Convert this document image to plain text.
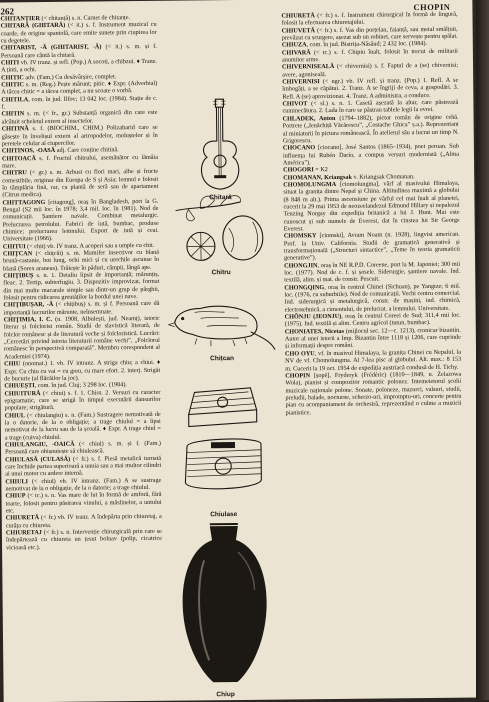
262	CHOPIN

CHITANȚIER (< chitanță) s. n. Carnet de chitanțe.

CHITARĂ (GHITARĂ) (< it.) s. f. Instrument muzical cu coarde, de origine spaniolă, care emite sunete prin ciupirea lor cu degetele.

CHITARIST, -Ă (GHITARIST, -Ă) (< it.) s. m. și f. Persoană care cântă la chitară.

CHITI vb. IV tranz. și refl. (Pop.) A socoti, a chibzui. ♦ Tranz. A ținti, a ochi.

CHITIC adv. (Fam.) Cu desăvârșire, complet.

CHITIC s. m. (Reg.) Pește mărunt; pitic. ♦ Expr. (Adverbial) A tăcea chitic = a tăcea complet, a nu scoate o vorbă.

CHITILA, com. în jud. Ilfov; 13 042 loc. (1984). Stație de c. f.

CHITIN s. m. (< fr., gr.) Substanță organică din care este alcătuit scheletul extern al insectelor.

CHITINĂ s. f. (BIOCHIM., CHIM.) Polizaharid care se găsește în învelișul extern al artropodelor, moluștelor și în peretele celular al ciupercilor.

CHITINOS, -OASĂ adj. Care conține chitină.

CHITOACĂ s. f. Fructul chitrului, asemănător cu lămâia mare.

CHITRU (< gr.) s. m. Arbust cu flori mari, albe și fructe comestibile, originar din Europa de S și Asia; lemnul e folosit în tâmplăria fină, rar, ca plantă de seră sau de apartament (Citrus medica).

CHITTAGONG [citagong], oraș în Bangladesh, port la G. Bengal (S2 mii loc. în 1978; 3,4 mil. loc. în 1981). Nod de comunicații. Șantiere navale. Combinat metalurgic. Prelucrarea petrolului. Fabrici de iută, bumbac, produse chimice; prelucrarea lemnului. Export de iută și ceai. Universitate (1966).

CHITUI (< chit) vb. IV tranz. A acoperi sau a umple cu chit.

CHIȚCAN (< chițcăi) s. m. Mamifer insectivor cu blană brună-castanie, bot lung, ochi mici și cu urechile ascunse în blană (Sorex araneus). Trăiește în păduri, câmpii, lângă ape.

CHIȚIBUȘ s. n. 1. Detaliu lipsit de importanță; mărunțiș, fleac. 2. Tertip, subterfugiu. 3. Dispozitiv improvizat, format din mai multe macarale simple sau dintr-un grup de pârghii, folosit pentru ridicarea greutăților la bordul unei nave.

CHIȚIBUȘAR, -Ă (< chițibuș) s. m. și f. Persoană care dă importanță lucrurilor mărunte, neînsemnate.

CHIȚIMIA, I. C. (n. 1908, Albulești, jud. Neamț), istoric literar și folclorist român. Studii de slavistică literară, de folclor românesc și de literatură veche și folcloristică. Lucrări: „Cercetări privind istoria literaturii române vechi”, „Folclorul românesc în perspectivă comparată”. Membru corespondent al Academiei (1974).

CHIU (onomat.) 1. vb. IV intranz. A striga chiu; a chiui. ♦ Expr. Cu chiu cu vai = cu greu, cu mare efort. 2. interj. Strigăt de bucurie (al flăcăilor la joc).

CHIUEȘTI, com. în jud. Cluj; 3 298 loc. (1984).

CHIUITURĂ (< chiui) s. f. 1. Chiot. 2. Versuri cu caracter epigramatic, care se strigă în timpul executării dansurilor populare; strigătură.

CHIUL (< chiulangiu) s. n. (Fam.) Sustragere nemotivată de la o datorie, de la o obligație; a trage chiulul = a lipsi nemotivat de la lucru sau de la școală. ♦ Expr. A trage chiul = a trage (cuiva) chiulul.

CHIULANGIU, -OAICĂ (< chiul) s. m. și f. (Fam.) Persoană care obișnuiește să chiulească.

CHIULASĂ (CULASĂ) (< fr.) s. f. Piesă metalică turnată care închide partea superioară a unuia sau a mai multor cilindri ai unui motor cu ardere internă.

CHIULI (< chiul) vb. IV intranz. (Fam.) A se sustrage nemotivat de la o obligație, de la o datorie; a trage chiulul.

CHIUP (< tc.) s. n. Vas mare de lut în formă de amforă, fără toarte, folosit pentru păstrarea vinului, a măslinelor, a untului etc.

CHIURETĂ (< fr.) vb. IV tranz. A îndepărta prin chiuretaj, a curăța cu chiureta.

CHIURETAJ (< fr.) s. n. Intervenție chirurgicală prin care se îndepărtează cu chiureta un țesut bolnav (polip, cicatrice vicioasă etc.).

Chitară
Chitru
Chițcan
Chiulase
Chiup

CHIURETĂ (< fr.) s. f. Instrument chirurgical în formă de lingură, folosit la efectuarea chiuretajului.

CHIUVETĂ (< fr.) s. f. Vas din porțelan, faianță, sau metal smălțuit, prevăzut cu scurgere, așezat sub un robinet, care servește pentru spălat.

CHIUZA, com. în jud. Bistrița-Năsăud; 2 432 loc. (1984).

CHIVARĂ (< tc.) s. f. Chipiu înalt, folosit în trecut de militarii anumitor arme.

CHIVERNISEALĂ (< chivernisi) s. f. Faptul de a (se) chivernisi; avere, agoniseală.

CHIVERNISI (< ngr.) vb. IV refl. și tranz. (Pop.) 1. Refl. A se îmbogăți, a se căpătui. 2. Tranz. A se îngriji de ceva, a gospodări. 3. Refl. A (se) aprovizionat. 4. Tranz. A administra, a conduce.

CHIVOT (< sl.) s. n. 1. Casetă așezată la altar, care păstrează cuminecătura. 2. Lada în care se păstrau tablele legii la evrei.

CHLADEK, Anton (1794–1882), pictor român de origine cehă. Portrete („Ienăchiță Văcărescu”, „Costache Ghica” ș.a.). Reprezentant al miniaturii în pictura românească. În atelierul său a lucrat un timp N. Grigorescu.

CHOCANO [ciocano], José Santos (1865–1934), poet peruan. Sub influența lui Rubén Darío, a compus versuri modernistă („Alma América”).

CHOGORI = K2

CHOMANAN, Kriangsak v. Kriangsak Chomanan.

CHOMOLUNGMA [ciomolungma], vârf al masivului Himalaya, situat la granița dintre Nepal și China. Altitudinea maximă a globului (8 848 m alt.). Prima ascensiune pe vârful cel mai înalt al planetei, cucerit la 29 mai 1953 de neozeelandezul Edmund Hillary și nepalezul Tenzing Norgay din expediția britanică a lui J. Hunt. Mai este cunoscut și sub numele de Everest, dat în cinstea lui Sir George Everest.

CHOMSKY [ciomski], Avram Noam (n. 1928), lingvist american. Prof. la Univ. California. Studii de gramatică generativă și transformațională („Structuri sintactice”, „Teme în teoria gramaticii generative”).

CHONGJIN, oraș în NE R.P.D. Coreene, port la M. Japoniei; 300 mii loc. (1977). Nod de c. f. și șosele. Siderurgie, șantiere navale. Ind. textilă, alim. și mat. de constr. Pescuit.

CHONGQING, oraș în centrul Chinei (Sichuan), pe Yangtze; 6 mil. loc. (1976, cu suburbiile). Nod de comunicații. Vechi centru comercial. Ind. siderurgică și metalurgică, constr. de mașini, ind. chimică, electrotehnică, a cimentului, de prelucrat. a lemnului. Universitate.

CHŎNJU (JEONJU), oraș în centrul Coreei de Sud; 311,4 mii loc. (1975). Ind. textilă și alim. Centru agricol (tutun, bumbac).

CHONIATES, Nicetas (mijlocul sec. 12—c. 1213), cronicar bizantin. Autor al unei istorii a Imp. Bizantin între 1118 și 1206, care cuprinde și informații despre români.

CHO OYU, vf. în masivul Himalaya, la granița Chinei cu Nepalul, la NV de vf. Chomolungma. Al 7-lea pisc al globului. Alt. max.: 8 153 m. Cucerit la 19 oct. 1954 de expediția austriacă condusă de H. Tichy.

CHOPIN [șopĕ], Fryderyk (Frédéric) (1810—1849, n. Żelazowa Wola), pianist și compozitor romantic polonez. Intemeietorul școlii muzicale naționale polone. Sonate, poloneze, mazurci, valsuri, studii, preludii, balade, nocturne, scherzo-uri, impromptu-uri, concerte pentru pian cu acompaniament de orchestră, reprezentând o culme a muzicii pianistice.
